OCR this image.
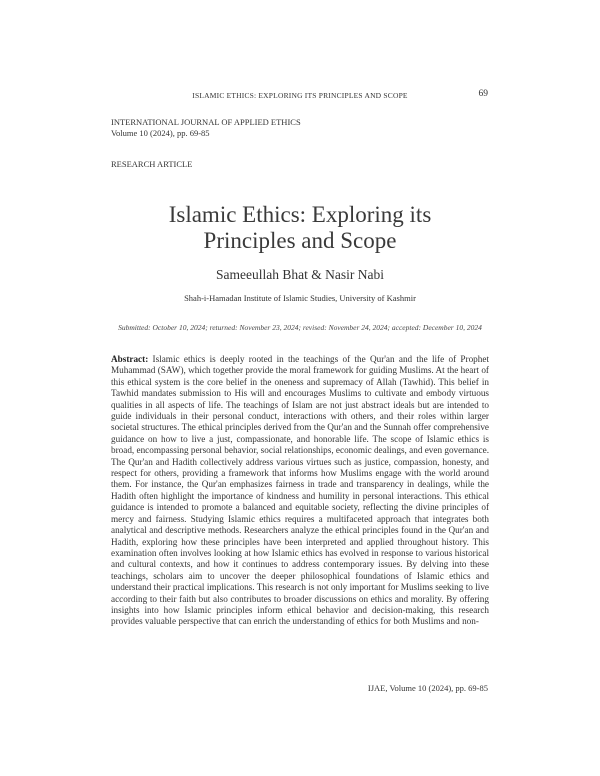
ISLAMIC ETHICS: EXPLORING ITS PRINCIPLES AND SCOPE	69
INTERNATIONAL JOURNAL OF APPLIED ETHICS
Volume 10 (2024), pp. 69-85
RESEARCH ARTICLE
Islamic Ethics: Exploring its
Principles and Scope
Sameeullah Bhat & Nasir Nabi
Shah-i-Hamadan Institute of Islamic Studies, University of Kashmir
Submitted: October 10, 2024; returned: November 23, 2024; revised: November 24, 2024; accepted: December 10, 2024
Abstract: Islamic ethics is deeply rooted in the teachings of the Qur'an and the life of Prophet Muhammad (SAW), which together provide the moral framework for guiding Muslims. At the heart of this ethical system is the core belief in the oneness and supremacy of Allah (Tawhid). This belief in Tawhid mandates submission to His will and encourages Muslims to cultivate and embody virtuous qualities in all aspects of life. The teachings of Islam are not just abstract ideals but are intended to guide individuals in their personal conduct, interactions with others, and their roles within larger societal structures. The ethical principles derived from the Qur'an and the Sunnah offer comprehensive guidance on how to live a just, compassionate, and honorable life. The scope of Islamic ethics is broad, encompassing personal behavior, social relationships, economic dealings, and even governance. The Qur'an and Hadith collectively address various virtues such as justice, compassion, honesty, and respect for others, providing a framework that informs how Muslims engage with the world around them. For instance, the Qur'an emphasizes fairness in trade and transparency in dealings, while the Hadith often highlight the importance of kindness and humility in personal interactions. This ethical guidance is intended to promote a balanced and equitable society, reflecting the divine principles of mercy and fairness. Studying Islamic ethics requires a multifaceted approach that integrates both analytical and descriptive methods. Researchers analyze the ethical principles found in the Qur'an and Hadith, exploring how these principles have been interpreted and applied throughout history. This examination often involves looking at how Islamic ethics has evolved in response to various historical and cultural contexts, and how it continues to address contemporary issues. By delving into these teachings, scholars aim to uncover the deeper philosophical foundations of Islamic ethics and understand their practical implications. This research is not only important for Muslims seeking to live according to their faith but also contributes to broader discussions on ethics and morality. By offering insights into how Islamic principles inform ethical behavior and decision-making, this research provides valuable perspective that can enrich the understanding of ethics for both Muslims and non-
IJAE, Volume 10 (2024), pp. 69-85
